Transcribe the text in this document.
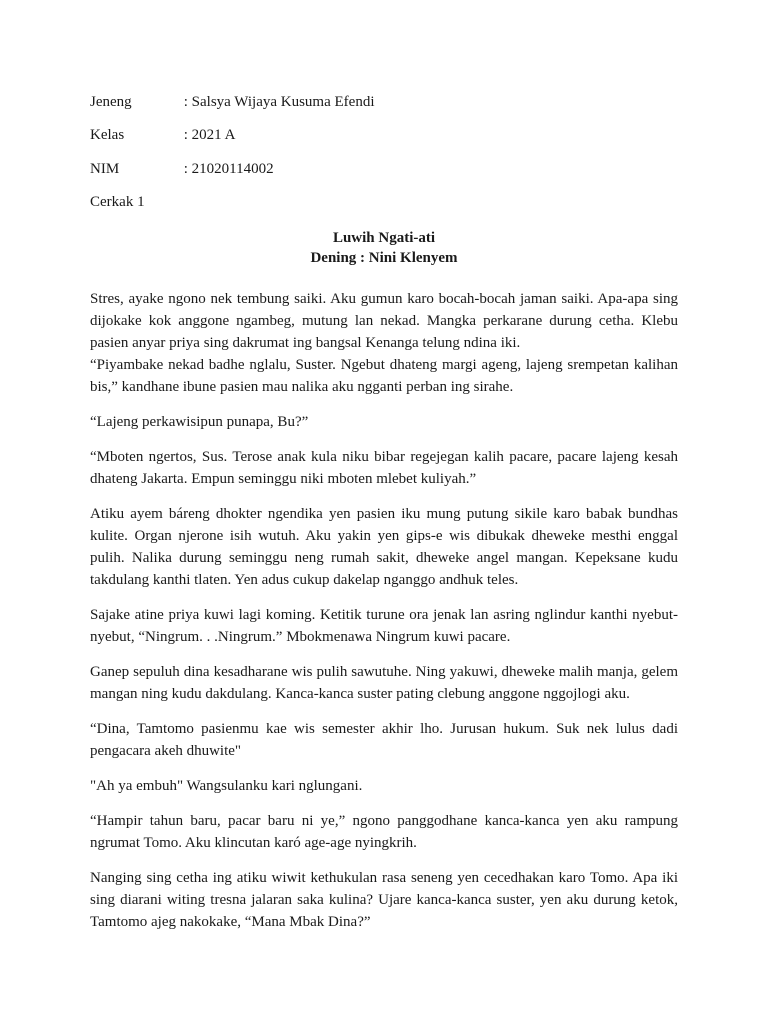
Jeneng	: Salsya Wijaya Kusuma Efendi
Kelas	: 2021 A
NIM	: 21020114002
Cerkak 1
Luwih Ngati-ati
Dening : Nini Klenyem

Stres, ayake ngono nek tembung saiki. Aku gumun karo bocah-bocah jaman saiki. Apa-apa sing dijokake kok anggone ngambeg, mutung lan nekad. Mangka perkarane durung cetha. Klebu pasien anyar priya sing dakrumat ing bangsal Kenanga telung ndina iki.

“Piyambake nekad badhe nglalu, Suster. Ngebut dhateng margi ageng, lajeng srempetan kalihan bis,” kandhane ibune pasien mau nalika aku ngganti perban ing sirahe.

“Lajeng perkawisipun punapa, Bu?”

“Mboten ngertos, Sus. Terose anak kula niku bibar regejegan kalih pacare, pacare lajeng kesah dhateng Jakarta. Empun seminggu niki mboten mlebet kuliyah.”

Atiku ayem báreng dhokter ngendika yen pasien iku mung putung sikile karo babak bundhas kulite. Organ njerone isih wutuh. Aku yakin yen gips-e wis dibukak dheweke mesthi enggal pulih. Nalika durung seminggu neng rumah sakit, dheweke angel mangan. Kepeksane kudu takdulang kanthi tlaten. Yen adus cukup dakelap nganggo andhuk teles.

Sajake atine priya kuwi lagi koming. Ketitik turune ora jenak lan asring nglindur kanthi nyebut-nyebut, “Ningrum. . .Ningrum.” Mbokmenawa Ningrum kuwi pacare.

Ganep sepuluh dina kesadharane wis pulih sawutuhe. Ning yakuwi, dheweke malih manja, gelem mangan ning kudu dakdulang. Kanca-kanca suster pating clebung anggone nggojlogi aku.

“Dina, Tamtomo pasienmu kae wis semester akhir lho. Jurusan hukum. Suk nek lulus dadi pengacara akeh dhuwite"

"Ah ya embuh" Wangsulanku kari nglungani.

“Hampir tahun baru, pacar baru ni ye,” ngono panggodhane kanca-kanca yen aku rampung ngrumat Tomo. Aku klincutan karó age-age nyingkrih.

Nanging sing cetha ing atiku wiwit kethukulan rasa seneng yen cecedhakan karo Tomo. Apa iki sing diarani witing tresna jalaran saka kulina? Ujare kanca-kanca suster, yen aku durung ketok, Tamtomo ajeg nakokake, “Mana Mbak Dina?”
